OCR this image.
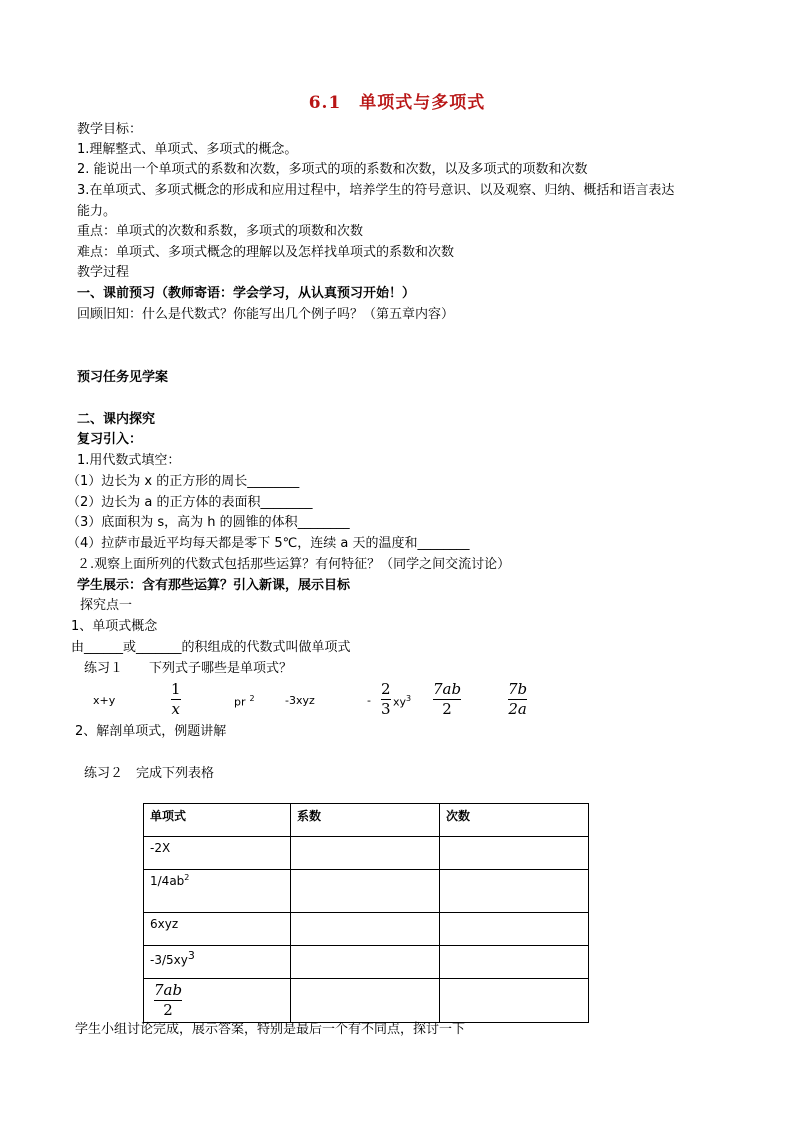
6.1　单项式与多项式
教学目标：
1.理解整式、单项式、多项式的概念。
2. 能说出一个单项式的系数和次数，多项式的项的系数和次数，以及多项式的项数和次数
3.在单项式、多项式概念的形成和应用过程中，培养学生的符号意识、以及观察、归纳、概括和语言表达
能力。
重点：单项式的次数和系数，多项式的项数和次数
难点：单项式、多项式概念的理解以及怎样找单项式的系数和次数
教学过程
一、课前预习（教师寄语：学会学习，从认真预习开始！）
回顾旧知：什么是代数式？你能写出几个例子吗？（第五章内容）
预习任务见学案
二、课内探究
复习引入：
1.用代数式填空：
（1）边长为 x 的正方形的周长________
（2）边长为 a 的正方体的表面积________
（3）底面积为 s，高为 h 的圆锥的体积________
（4）拉萨市最近平均每天都是零下 5℃，连续 a 天的温度和________
２.观察上面所列的代数式包括那些运算？有何特征？（同学之间交流讨论）
学生展示：含有那些运算？引入新课，展示目标
探究点一
1、单项式概念
由______或_______的积组成的代数式叫做单项式
练习１　　下列式子哪些是单项式？
x+y
1
x	pr $^2$	-3xyz	-
2
3 $xy^3$
7ab
2
7b
2a
2、解剖单项式，例题讲解
练习２　完成下列表格
单项式	系数	次数
-2X		
$1/4ab^2$		
6xyz		
$-3/5xy^3$		

$\frac{7ab}{2}$

学生小组讨论完成，展示答案，特别是最后一个有不同点，探讨一下
